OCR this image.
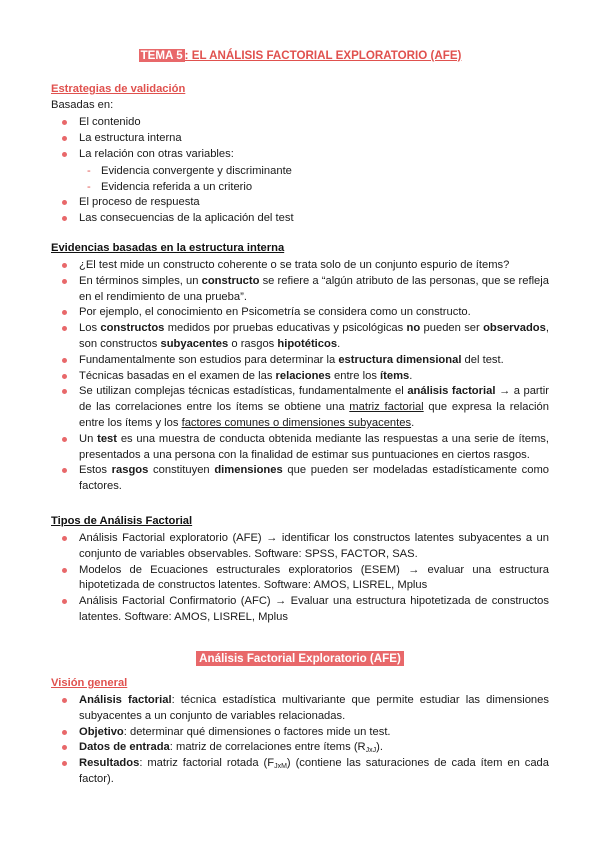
TEMA 5 : EL ANÁLISIS FACTORIAL EXPLORATORIO (AFE)
Estrategias de validación
Basadas en:
El contenido
La estructura interna
La relación con otras variables:
- Evidencia convergente y discriminante
- Evidencia referida a un criterio
El proceso de respuesta
Las consecuencias de la aplicación del test
Evidencias basadas en la estructura interna
¿El test mide un constructo coherente o se trata solo de un conjunto espurio de ítems?
En términos simples, un constructo se refiere a “algún atributo de las personas, que se refleja en el rendimiento de una prueba”.
Por ejemplo, el conocimiento en Psicometría se considera como un constructo.
Los constructos medidos por pruebas educativas y psicológicas no pueden ser observados, son constructos subyacentes o rasgos hipotéticos.
Fundamentalmente son estudios para determinar la estructura dimensional del test.
Técnicas basadas en el examen de las relaciones entre los ítems.
Se utilizan complejas técnicas estadísticas, fundamentalmente el análisis factorial → a partir de las correlaciones entre los ítems se obtiene una matriz factorial que expresa la relación entre los ítems y los factores comunes o dimensiones subyacentes.
Un test es una muestra de conducta obtenida mediante las respuestas a una serie de ítems, presentados a una persona con la finalidad de estimar sus puntuaciones en ciertos rasgos.
Estos rasgos constituyen dimensiones que pueden ser modeladas estadísticamente como factores.
Tipos de Análisis Factorial
Análisis Factorial exploratorio (AFE) → identificar los constructos latentes subyacentes a un conjunto de variables observables. Software: SPSS, FACTOR, SAS.
Modelos de Ecuaciones estructurales exploratorios (ESEM) → evaluar una estructura hipotetizada de constructos latentes. Software: AMOS, LISREL, Mplus
Análisis Factorial Confirmatorio (AFC) → Evaluar una estructura hipotetizada de constructos latentes. Software: AMOS, LISREL, Mplus
Análisis Factorial Exploratorio (AFE)
Visión general
Análisis factorial: técnica estadística multivariante que permite estudiar las dimensiones subyacentes a un conjunto de variables relacionadas.
Objetivo: determinar qué dimensiones o factores mide un test.
Datos de entrada: matriz de correlaciones entre ítems $(R_{JxJ})$.
Resultados: matriz factorial rotada $(F_{JxM})$ (contiene las saturaciones de cada ítem en cada factor).
